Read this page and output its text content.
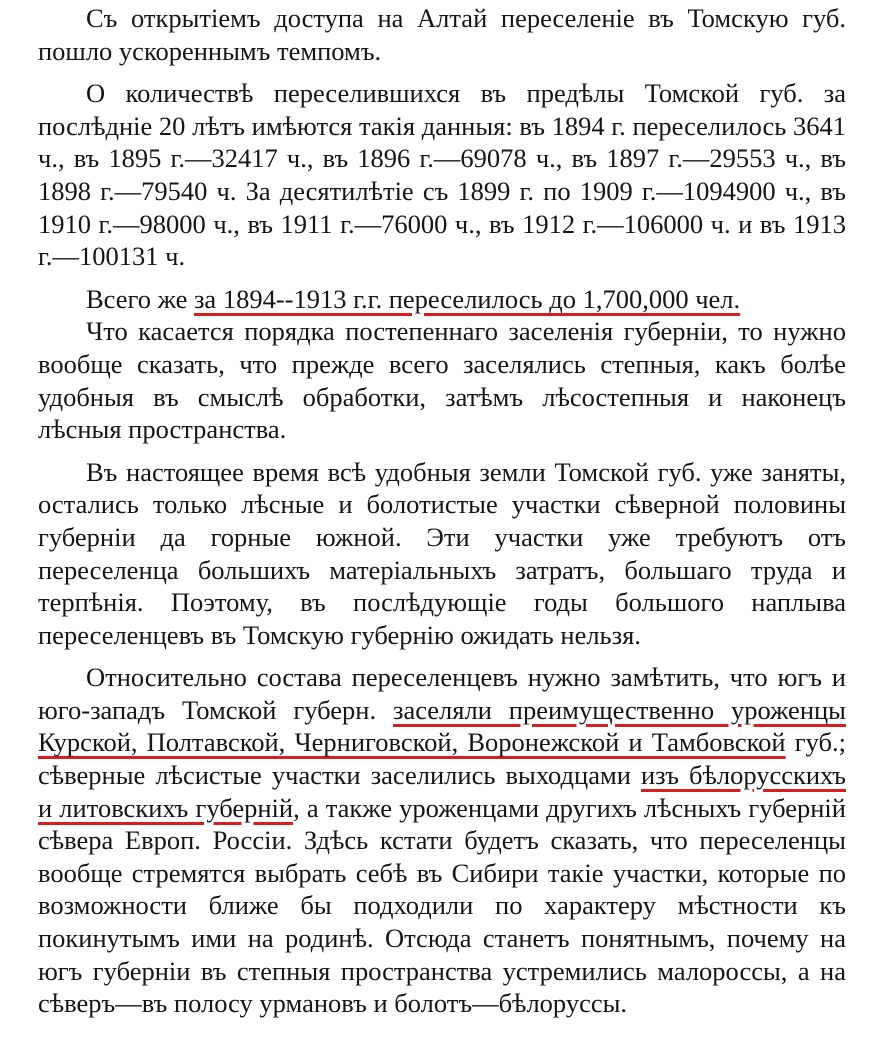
Съ открытіемъ доступа на Алтай переселеніе въ Томскую губ. пошло ускореннымъ темпомъ.

О количествѣ переселившихся въ предѣлы Томской губ. за послѣдніе 20 лѣтъ имѣются такія данныя: въ 1894 г. переселилось 3641 ч., въ 1895 г.—32417 ч., въ 1896 г.—69078 ч., въ 1897 г.—29553 ч., въ 1898 г.—79540 ч. За десятилѣтіе съ 1899 г. по 1909 г.—1094900 ч., въ 1910 г.—98000 ч., въ 1911 г.—76000 ч., въ 1912 г.—106000 ч. и въ 1913 г.—100131 ч.

Всего же за 1894--1913 г.г. переселилось до 1,700,000 чел.

Что касается порядка постепеннаго заселенія губерніи, то нужно вообще сказать, что прежде всего заселялись степныя, какъ болѣе удобныя въ смыслѣ обработки, затѣмъ лѣсостепныя и наконецъ лѣсныя пространства.

Въ настоящее время всѣ удобныя земли Томской губ. уже заняты, остались только лѣсные и болотистые участки сѣверной половины губерніи да горные южной. Эти участки уже требуютъ отъ переселенца большихъ матеріальныхъ затратъ, большаго труда и терпѣнія. Поэтому, въ послѣдующіе годы большого наплыва переселенцевъ въ Томскую губернію ожидать нельзя.

Относительно состава переселенцевъ нужно замѣтить, что югъ и юго-западъ Томской губерн. заселяли преимущественно уроженцы Курской, Полтавской, Черниговской, Воронежской и Тамбовской губ.; сѣверные лѣсистые участки заселились выходцами изъ бѣлорусскихъ и литовскихъ губерній, а также уроженцами другихъ лѣсныхъ губерній сѣвера Европ. Россіи. Здѣсь кстати будетъ сказать, что переселенцы вообще стремятся выбрать себѣ въ Сибири такіе участки, которые по возможности ближе бы подходили по характеру мѣстности къ покинутымъ ими на родинѣ. Отсюда станетъ понятнымъ, почему на югъ губерніи въ степныя пространства устремились малороссы, а на сѣверъ—въ полосу урмановъ и болотъ—бѣлоруссы.
